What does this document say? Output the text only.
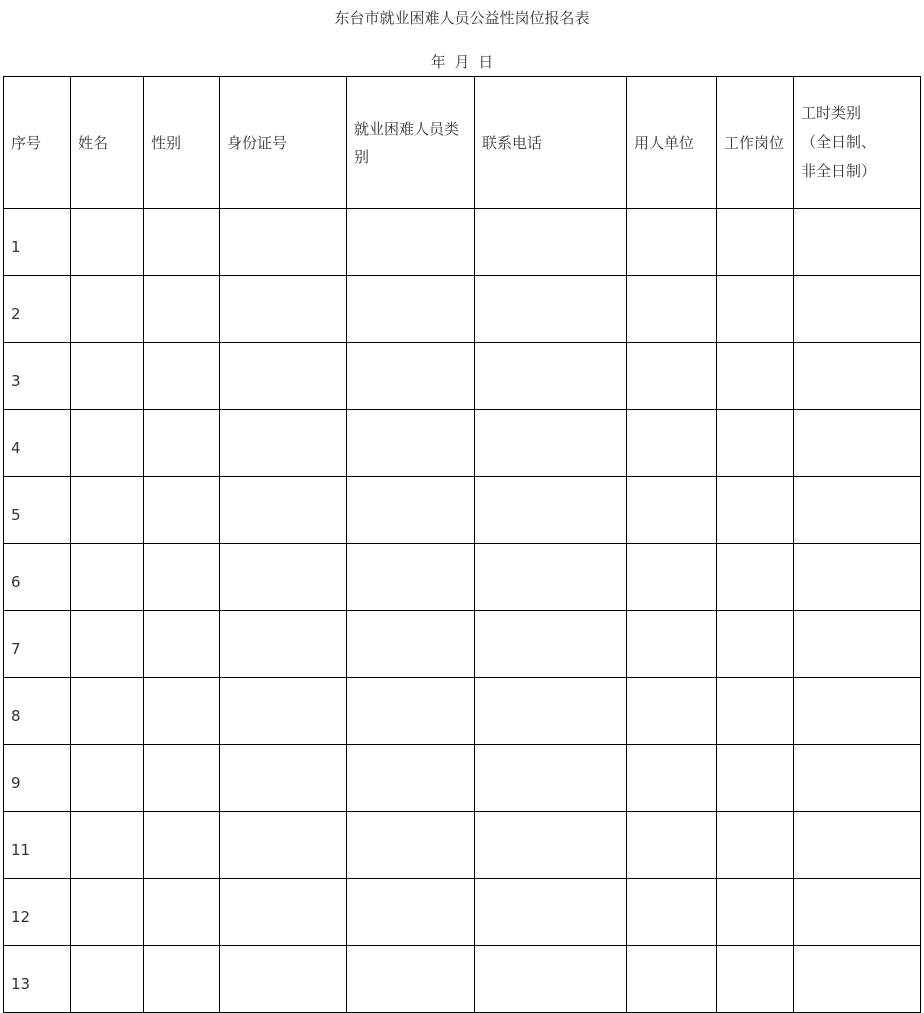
东台市就业困难人员公益性岗位报名表
年 月 日
序号	姓名	性别	身份证号	就业困难人员类别	联系电话	用人单位	工作岗位	工时类别
（全日制、
非全日制）

1								

2								

3								

4								

5								

6								

7								

8								

9								

11								

12								

13								
